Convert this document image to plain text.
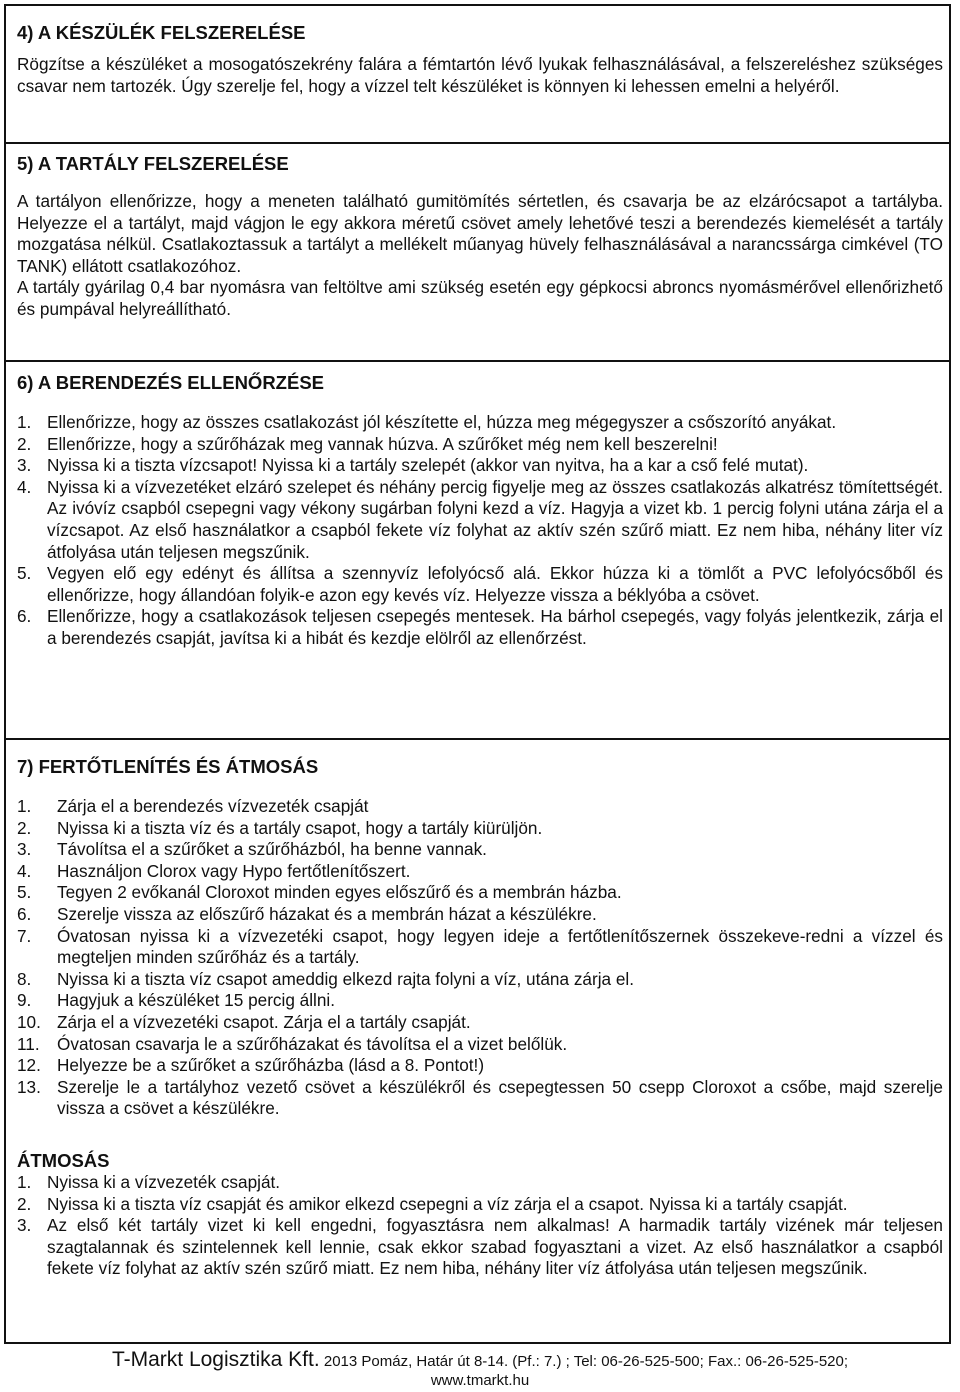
4) A KÉSZÜLÉK FELSZERELÉSE

Rögzítse a készüléket a mosogatószekrény falára a fémtartón lévő lyukak felhasználásával, a felszereléshez szükséges csavar nem tartozék. Úgy szerelje fel, hogy a vízzel telt készüléket is könnyen ki lehessen emelni a helyéről.

5) A TARTÁLY FELSZERELÉSE

A tartályon ellenőrizze, hogy a meneten található gumitömítés sértetlen, és csavarja be az elzárócsapot a tartályba. Helyezze el a tartályt, majd vágjon le egy akkora méretű csövet amely lehetővé teszi a berendezés kiemelését a tartály mozgatása nélkül. Csatlakoztassuk a tartályt a mellékelt műanyag hüvely felhasználásával a narancssárga cimkével (TO TANK) ellátott csatlakozóhoz.

A tartály gyárilag 0,4 bar nyomásra van feltöltve ami szükség esetén egy gépkocsi abroncs nyomásmérővel ellenőrizhető és pumpával helyreállítható.

6) A BERENDEZÉS ELLENŐRZÉSE

1. Ellenőrizze, hogy az összes csatlakozást jól készítette el, húzza meg mégegyszer a csőszorító anyákat.
2. Ellenőrizze, hogy a szűrőházak meg vannak húzva. A szűrőket még nem kell beszerelni!
3. Nyissa ki a tiszta vízcsapot! Nyissa ki a tartály szelepét (akkor van nyitva, ha a kar a cső felé mutat).
4. Nyissa ki a vízvezetéket elzáró szelepet és néhány percig figyelje meg az összes csatlakozás alkatrész tömítettségét. Az ivóvíz csapból csepegni vagy vékony sugárban folyni kezd a víz. Hagyja a vizet kb. 1 percig folyni utána zárja el a vízcsapot. Az első használatkor a csapból fekete víz folyhat az aktív szén szűrő miatt. Ez nem hiba, néhány liter víz átfolyása után teljesen megszűnik.
5. Vegyen elő egy edényt és állítsa a szennyvíz lefolyócső alá. Ekkor húzza ki a tömlőt a PVC lefolyócsőből és ellenőrizze, hogy állandóan folyik-e azon egy kevés víz. Helyezze vissza a béklyóba a csövet.
6. Ellenőrizze, hogy a csatlakozások teljesen csepegés mentesek. Ha bárhol csepegés, vagy folyás jelentkezik, zárja el a berendezés csapját, javítsa ki a hibát és kezdje elölről az ellenőrzést.

7) FERTŐTLENÍTÉS ÉS ÁTMOSÁS

1. Zárja el a berendezés vízvezeték csapját
2. Nyissa ki a tiszta víz és a tartály csapot, hogy a tartály kiürüljön.
3. Távolítsa el a szűrőket a szűrőházból, ha benne vannak.
4. Használjon Clorox vagy Hypo fertőtlenítőszert.
5. Tegyen 2 evőkanál Cloroxot minden egyes előszűrő és a membrán házba.
6. Szerelje vissza az előszűrő házakat és a membrán házat a készülékre.
7. Óvatosan nyissa ki a vízvezetéki csapot, hogy legyen ideje a fertőtlenítőszernek összekeve-redni a vízzel és megteljen minden szűrőház és a tartály.
8. Nyissa ki a tiszta víz csapot ameddig elkezd rajta folyni a víz, utána zárja el.
9. Hagyjuk a készüléket 15 percig állni.
10. Zárja el a vízvezetéki csapot. Zárja el a tartály csapját.
11. Óvatosan csavarja le a szűrőházakat és távolítsa el a vizet belőlük.
12. Helyezze be a szűrőket a szűrőházba (lásd a 8. Pontot!)
13. Szerelje le a tartályhoz vezető csövet a készülékről és csepegtessen 50 csepp Cloroxot a csőbe, majd szerelje vissza a csövet a készülékre.

ÁTMOSÁS

1. Nyissa ki a vízvezeték csapját.
2. Nyissa ki a tiszta víz csapját és amikor elkezd csepegni a víz zárja el a csapot. Nyissa ki a tartály csapját.
3. Az első két tartály vizet ki kell engedni, fogyasztásra nem alkalmas! A harmadik tartály vizének már teljesen szagtalannak és szintelennek kell lennie, csak ekkor szabad fogyasztani a vizet. Az első használatkor a csapból fekete víz folyhat az aktív szén szűrő miatt. Ez nem hiba, néhány liter víz átfolyása után teljesen megszűnik.
T-Markt Logisztika Kft. 2013 Pomáz, Határ út 8-14. (Pf.: 7.) ; Tel: 06-26-525-500; Fax.: 06-26-525-520;
www.tmarkt.hu
